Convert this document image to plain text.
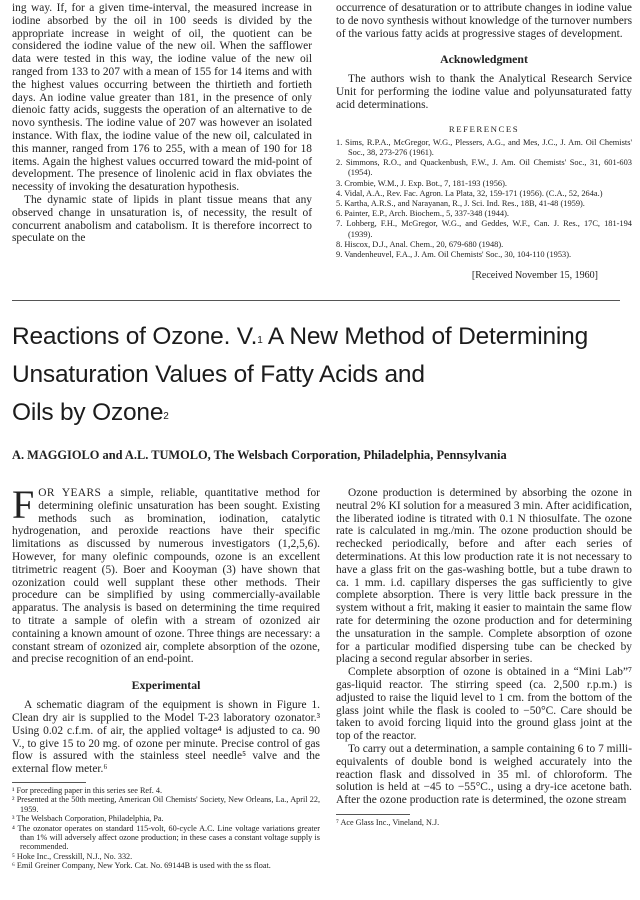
ing way. If, for a given time-interval, the measured increase in iodine absorbed by the oil in 100 seeds is divided by the appropriate increase in weight of oil, the quotient can be considered the iodine value of the new oil. When the safflower data were tested in this way, the iodine value of the new oil ranged from 133 to 207 with a mean of 155 for 14 items and with the highest values occurring between the thirtieth and fortieth days. An iodine value greater than 181, in the presence of only dienoic fatty acids, suggests the operation of an alternative to de novo synthesis. The iodine value of 207 was however an isolated instance. With flax, the iodine value of the new oil, calculated in this manner, ranged from 176 to 255, with a mean of 190 for 18 items. Again the highest values occurred toward the mid-point of development. The presence of linolenic acid in flax obviates the necessity of invoking the desaturation hypothesis.

The dynamic state of lipids in plant tissue means that any observed change in unsaturation is, of necessity, the result of concurrent anabolism and catabolism. It is therefore incorrect to speculate on the

occurrence of desaturation or to attribute changes in iodine value to de novo synthesis without knowledge of the turnover numbers of the various fatty acids at progressive stages of development.

Acknowledgment

The authors wish to thank the Analytical Research Service Unit for performing the iodine value and polyunsaturated fatty acid determinations.

REFERENCES
1. Sims, R.P.A., McGregor, W.G., Plessers, A.G., and Mes, J.C., J. Am. Oil Chemists' Soc., 38, 273-276 (1961).
2. Simmons, R.O., and Quackenbush, F.W., J. Am. Oil Chemists' Soc., 31, 601-603 (1954).
3. Crombie, W.M., J. Exp. Bot., 7, 181-193 (1956).
4. Vidal, A.A., Rev. Fac. Agron. La Plata, 32, 159-171 (1956). (C.A., 52, 264a.)
5. Kartha, A.R.S., and Narayanan, R., J. Sci. Ind. Res., 18B, 41-48 (1959).
6. Painter, E.P., Arch. Biochem., 5, 337-348 (1944).
7. Lohberg, F.H., McGregor, W.G., and Geddes, W.F., Can. J. Res., 17C, 181-194 (1939).
8. Hiscox, D.J., Anal. Chem., 20, 679-680 (1948).
9. Vandenheuvel, F.A., J. Am. Oil Chemists' Soc., 30, 104-110 (1953).
[Received November 15, 1960]
Reactions of Ozone. V.$^1$ A New Method of Determining
Unsaturation Values of Fatty Acids and
Oils by Ozone$^2$
A. MAGGIOLO and A.L. TUMOLO, The Welsbach Corporation, Philadelphia, Pennsylvania

FOR YEARS a simple, reliable, quantitative method for determining olefinic unsaturation has been sought. Existing methods such as bromination, iodination, catalytic hydrogenation, and peroxide reactions have their specific limitations as discussed by numerous investigators (1,2,5,6). However, for many olefinic compounds, ozone is an excellent titrimetric reagent (5). Boer and Kooyman (3) have shown that ozonization could well supplant these other methods. Their procedure can be simplified by using commercially-available apparatus. The analysis is based on determining the time required to titrate a sample of olefin with a stream of ozonized air containing a known amount of ozone. Three things are necessary: a constant stream of ozonized air, complete absorption of the ozone, and precise recognition of an end-point.

Experimental

A schematic diagram of the equipment is shown in Figure 1. Clean dry air is supplied to the Model T-23 laboratory ozonator.³ Using 0.02 c.f.m. of air, the applied voltage⁴ is adjusted to ca. 90 V., to give 15 to 20 mg. of ozone per minute. Precise control of gas flow is assured with the stainless steel needle⁵ valve and the external flow meter.⁶

¹ For preceding paper in this series see Ref. 4.
² Presented at the 50th meeting, American Oil Chemists' Society, New Orleans, La., April 22, 1959.
³ The Welsbach Corporation, Philadelphia, Pa.
⁴ The ozonator operates on standard 115-volt, 60-cycle A.C. Line voltage variations greater than 1% will adversely affect ozone production; in these cases a constant voltage supply is recommended.
⁵ Hoke Inc., Cresskill, N.J., No. 332.
⁶ Emil Greiner Company, New York. Cat. No. 69144B is used with the ss float.

Ozone production is determined by absorbing the ozone in neutral 2% KI solution for a measured 3 min. After acidification, the liberated iodine is titrated with 0.1 N thiosulfate. The ozone rate is calculated in mg./min. The ozone production should be rechecked periodically, before and after each series of determinations. At this low production rate it is not necessary to have a glass frit on the gas-washing bottle, but a tube drawn to ca. 1 mm. i.d. capillary disperses the gas sufficiently to give complete absorption. There is very little back pressure in the system without a frit, making it easier to maintain the same flow rate for determining the ozone production and for determining the unsaturation in the sample. Complete absorption of ozone for a particular modified dispersing tube can be checked by placing a second regular absorber in series.

Complete absorption of ozone is obtained in a “Mini Lab”⁷ gas-liquid reactor. The stirring speed (ca. 2,500 r.p.m.) is adjusted to raise the liquid level to 1 cm. from the bottom of the glass joint while the flask is cooled to −50°C. Care should be taken to avoid forcing liquid into the ground glass joint at the top of the reactor.

To carry out a determination, a sample containing 6 to 7 milli-equivalents of double bond is weighed accurately into the reaction flask and dissolved in 35 ml. of chloroform. The solution is held at −45 to −55°C., using a dry-ice acetone bath. After the ozone production rate is determined, the ozone stream

⁷ Ace Glass Inc., Vineland, N.J.
